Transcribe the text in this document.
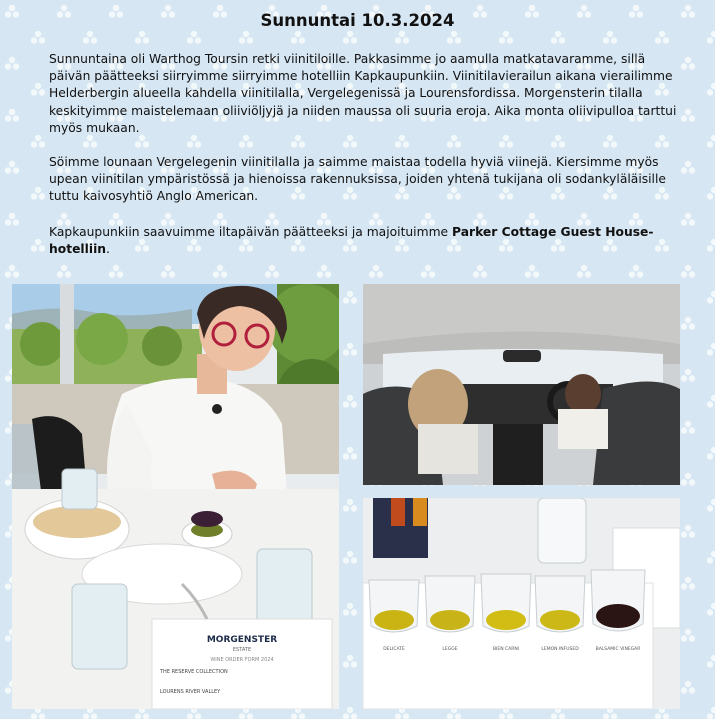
Sunnuntai 10.3.2024
Sunnuntaina oli Warthog Toursin retki viinitiloille. Pakkasimme jo aamulla matkatavaramme, sillä päivän päätteeksi siirryimme siirryimme hotelliin Kapkaupunkiin. Viinitilavierailun aikana vierailimme Helderbergin alueella kahdella viinitilalla, Vergelegenissä ja Lourensfordissa. Morgensterin tilalla keskityimme maistelemaan oliiviöljyjä ja niiden maussa oli suuria eroja. Aika monta oliivipulloa tarttui myös mukaan.
Söimme lounaan Vergelegenin viinitilalla ja saimme maistaa todella hyviä viinejä. Kiersimme myös upean viinitilan ympäristössä ja hienoissa rakennuksissa, joiden yhtenä tukijana oli sodankyläläisille tuttu kaivosyhtiö Anglo American.
Kapkaupunkiin saavuimme iltapäivän päätteeksi ja majoituimme Parker Cottage Guest House-hotelliin.
MORGENSTER
ESTATE
WINE ORDER FORM 2024
THE RESERVE COLLECTION
LOURENS RIVER VALLEY
DELICATE	LEGGE	BIEN CARNI	LEMON INFUSED	BALSAMIC VINEGAR
